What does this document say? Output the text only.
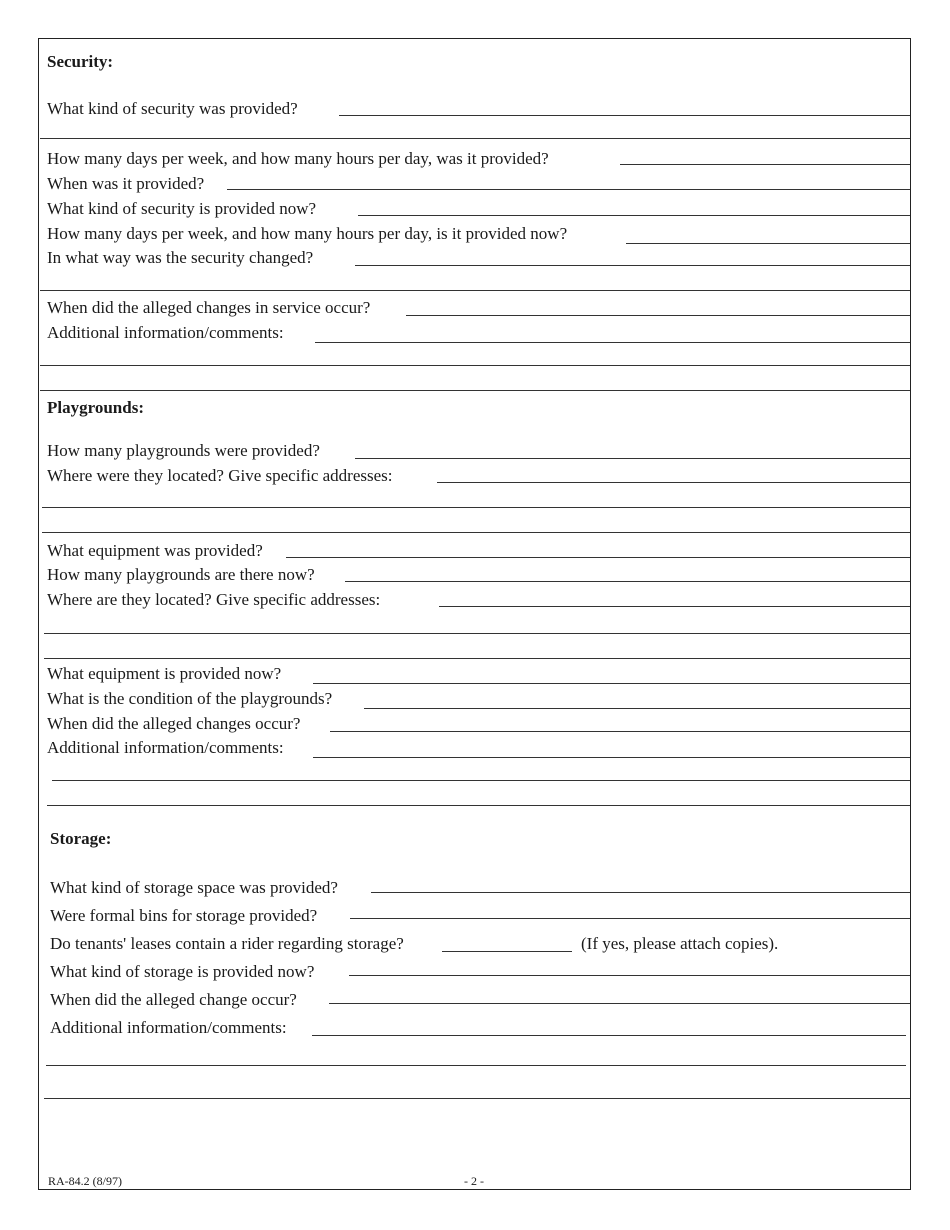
Security:
What kind of security was provided?
How many days per week, and how many hours per day, was it provided?
When was it provided?
What kind of security is provided now?
How many days per week, and how many hours per day, is it provided now?
In what way was the security changed?
When did the alleged changes in service occur?
Additional information/comments:
Playgrounds:
How many playgrounds were provided?
Where were they located? Give specific addresses:
What equipment was provided?
How many playgrounds are there now?
Where are they located? Give specific addresses:
What equipment is provided now?
What is the condition of the playgrounds?
When did the alleged changes occur?
Additional information/comments:
Storage:
What kind of storage space was provided?
Were formal bins for storage provided?
Do tenants' leases contain a rider regarding storage?	(If yes, please attach copies).
What kind of storage is provided now?
When did the alleged change occur?
Additional information/comments:
RA-84.2 (8/97)	- 2 -
